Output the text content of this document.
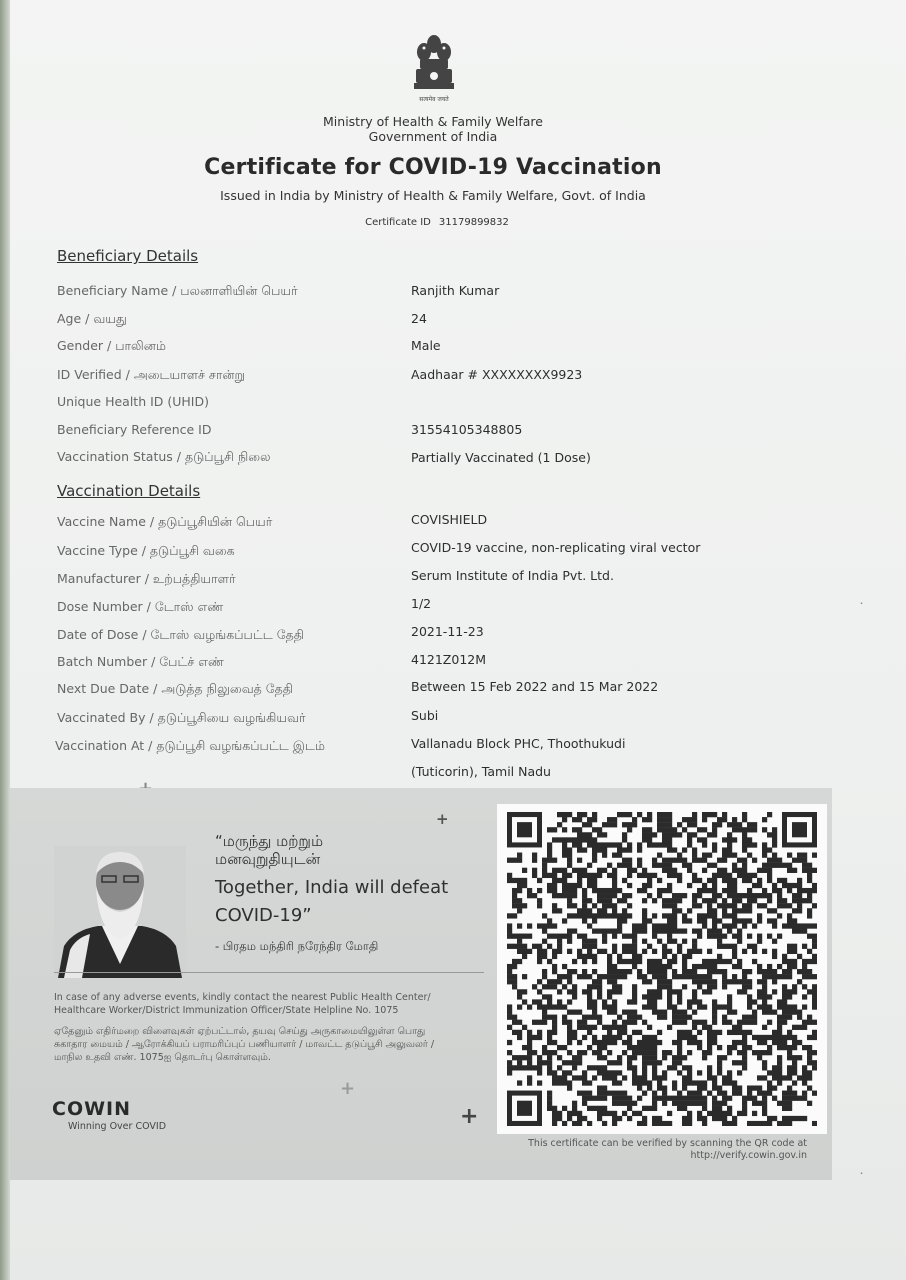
सत्यमेव जयते
Ministry of Health & Family Welfare
Government of India
Certificate for COVID-19 Vaccination
Issued in India by Ministry of Health & Family Welfare, Govt. of India
Certificate ID 31179899832
Beneficiary Details
Beneficiary Name / பலனாளியின் பெயர்	Ranjith Kumar
Age / வயது	24
Gender / பாலினம்	Male
ID Verified / அடையாளச் சான்று	Aadhaar # XXXXXXXX9923
Unique Health ID (UHID)
Beneficiary Reference ID	31554105348805
Vaccination Status / தடுப்பூசி நிலை	Partially Vaccinated (1 Dose)
Vaccination Details
Vaccine Name / தடுப்பூசியின் பெயர்	COVISHIELD
Vaccine Type / தடுப்பூசி வகை	COVID-19 vaccine, non-replicating viral vector
Manufacturer / உற்பத்தியாளர்	Serum Institute of India Pvt. Ltd.
Dose Number / டோஸ் எண்	1/2
Date of Dose / டோஸ் வழங்கப்பட்ட தேதி	2021-11-23
Batch Number / பேட்ச் எண்	4121Z012M
Next Due Date / அடுத்த நிலுவைத் தேதி	Between 15 Feb 2022 and 15 Mar 2022
Vaccinated By / தடுப்பூசியை வழங்கியவர்	Subi
Vaccination At / தடுப்பூசி வழங்கப்பட்ட இடம்	Vallanadu Block PHC, Thoothukudi
(Tuticorin), Tamil Nadu
+
“மருந்து மற்றும்
மனவுறுதியுடன்
Together, India will defeat
COVID-19”
- பிரதம மந்திரி நரேந்திர மோதி
In case of any adverse events, kindly contact the nearest Public Health Center/
Healthcare Worker/District Immunization Officer/State Helpline No. 1075
ஏதேனும் எதிர்மறை விளைவுகள் ஏற்பட்டால், தயவு செய்து அருகாமையிலுள்ள பொது
சுகாதார மையம் / ஆரோக்கியப் பராமரிப்புப் பணியாளர் / மாவட்ட தடுப்பூசி அலுவலர் /
மாநில உதவி எண். 1075ஐ தொடர்பு கொள்ளவும்.
+
COWIN
Winning Over COVID	+
This certificate can be verified by scanning the QR code at
http://verify.cowin.gov.in
·
·
